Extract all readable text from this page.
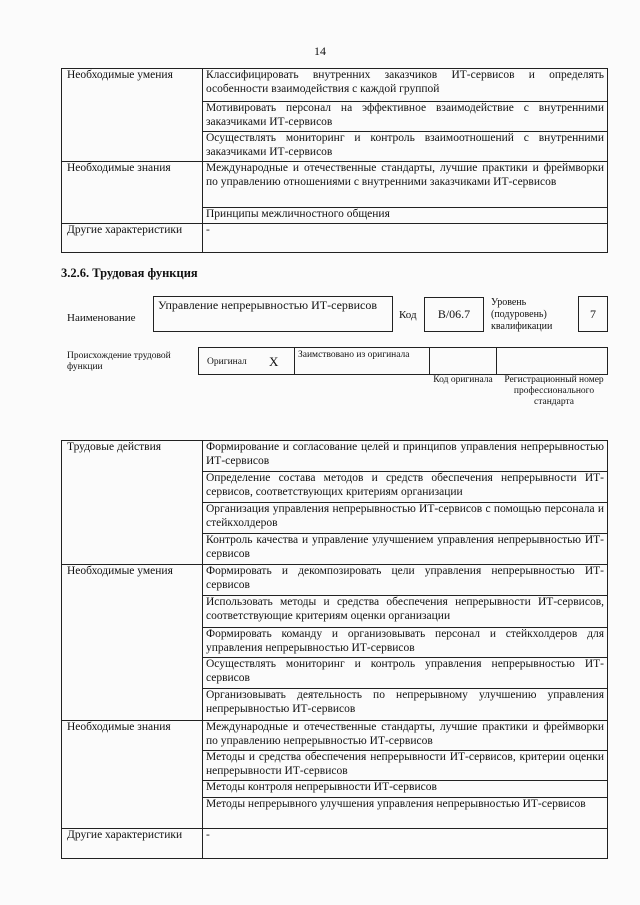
14
Необходимые умения	Классифицировать внутренних заказчиков ИТ-сервисов и определять особенности взаимодействия с каждой группой
	Мотивировать персонал на эффективное взаимодействие с внутренними заказчиками ИТ-сервисов
	Осуществлять мониторинг и контроль взаимоотношений с внутренними заказчиками ИТ-сервисов
Необходимые знания	Международные и отечественные стандарты, лучшие практики и фреймворки по управлению отношениями с внутренними заказчиками ИТ-сервисов
	Принципы межличностного общения
Другие характеристики	-
3.2.6. Трудовая функция
Наименование
Управление непрерывностью ИТ-сервисов
Код	B/06.7
Уровень (подуровень) квалификации
7
Происхождение трудовой функции	Оригинал X Заимствовано из оригинала
Код оригинала	Регистрационный номер профессионального стандарта
Трудовые действия	Формирование и согласование целей и принципов управления непрерывностью ИТ-сервисов
	Определение состава методов и средств обеспечения непрерывности ИТ-сервисов, соответствующих критериям организации
	Организация управления непрерывностью ИТ-сервисов с помощью персонала и стейкхолдеров
	Контроль качества и управление улучшением управления непрерывностью ИТ-сервисов
Необходимые умения	Формировать и декомпозировать цели управления непрерывностью ИТ-сервисов
	Использовать методы и средства обеспечения непрерывности ИТ-сервисов, соответствующие критериям оценки организации
	Формировать команду и организовывать персонал и стейкхолдеров для управления непрерывностью ИТ-сервисов
	Осуществлять мониторинг и контроль управления непрерывностью ИТ-сервисов
	Организовывать деятельность по непрерывному улучшению управления непрерывностью ИТ-сервисов
Необходимые знания	Международные и отечественные стандарты, лучшие практики и фреймворки по управлению непрерывностью ИТ-сервисов
	Методы и средства обеспечения непрерывности ИТ-сервисов, критерии оценки непрерывности ИТ-сервисов
	Методы контроля непрерывности ИТ-сервисов
	Методы непрерывного улучшения управления непрерывностью ИТ-сервисов
Другие характеристики	-
